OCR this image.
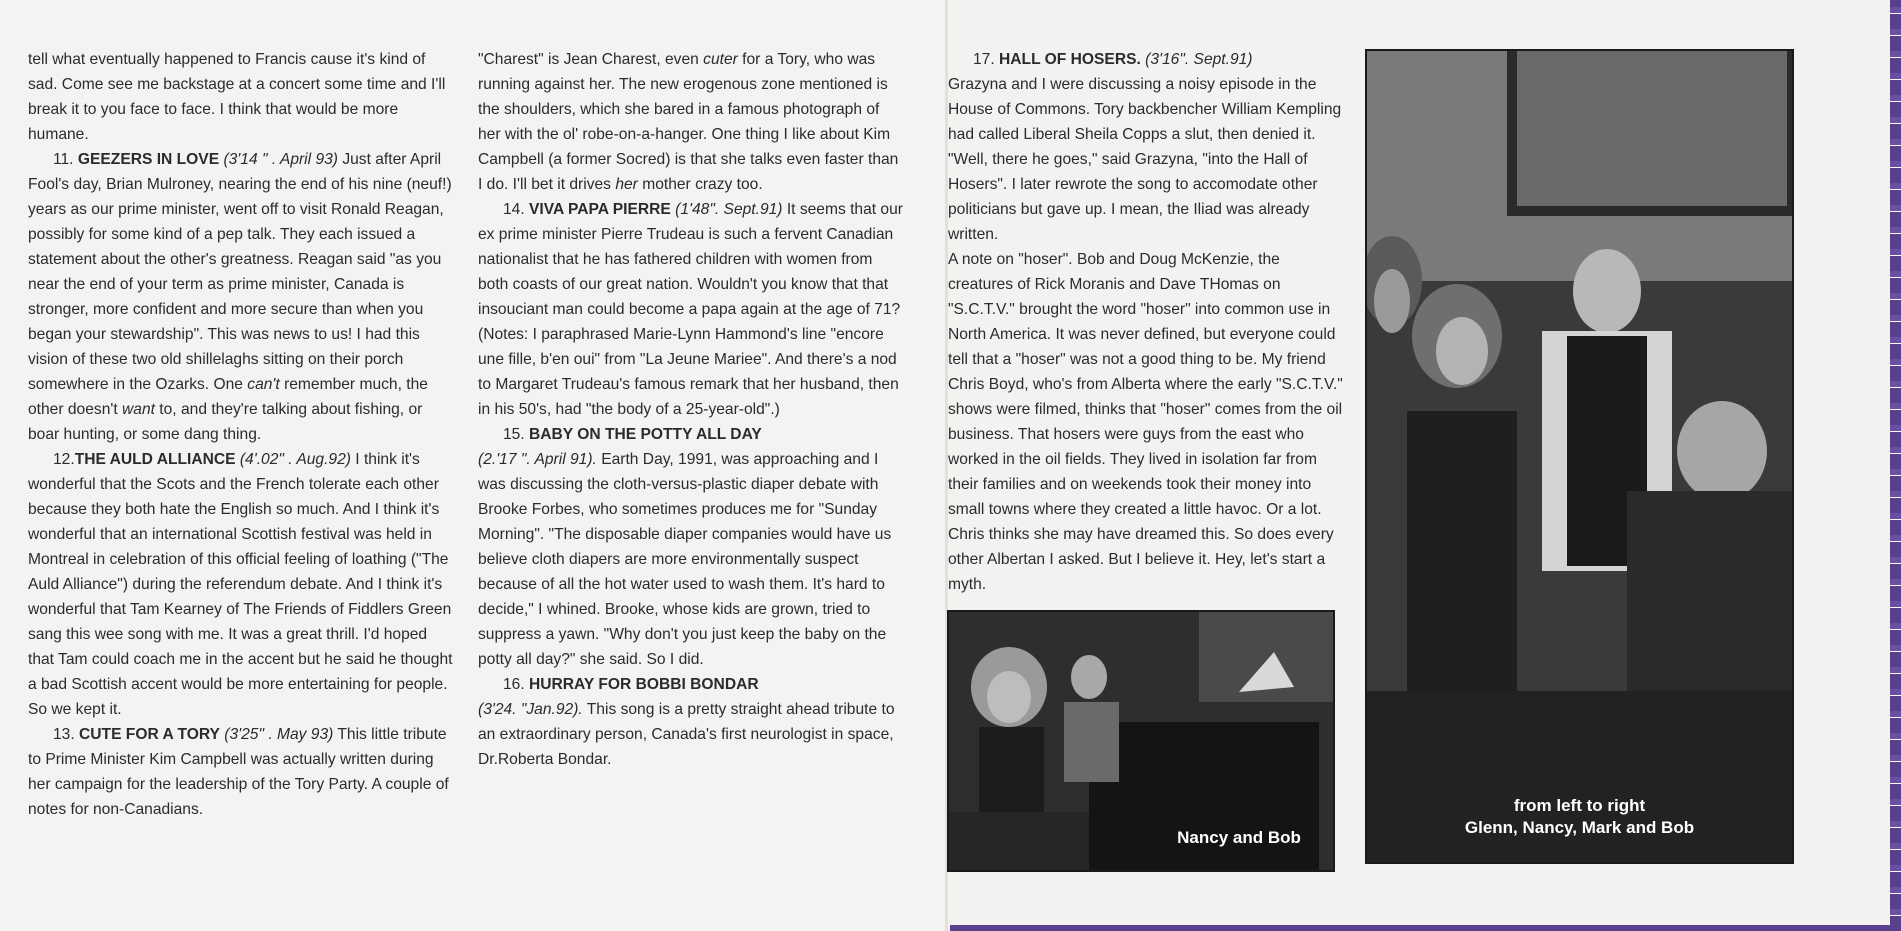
tell what eventually happened to Francis cause it's kind of sad. Come see me backstage at a concert some time and I'll break it to you face to face. I think that would be more humane.

11. GEEZERS IN LOVE (3'14 " . April 93) Just after April Fool's day, Brian Mulroney, nearing the end of his nine (neuf!) years as our prime minister, went off to visit Ronald Reagan, possibly for some kind of a pep talk. They each issued a statement about the other's greatness. Reagan said "as you near the end of your term as prime minister, Canada is stronger, more confident and more secure than when you began your stewardship". This was news to us! I had this vision of these two old shillelaghs sitting on their porch somewhere in the Ozarks. One can't remember much, the other doesn't want to, and they're talking about fishing, or boar hunting, or some dang thing.

12.THE AULD ALLIANCE (4'.02" . Aug.92) I think it's wonderful that the Scots and the French tolerate each other because they both hate the English so much. And I think it's wonderful that an international Scottish festival was held in Montreal in celebration of this official feeling of loathing ("The Auld Alliance") during the referendum debate. And I think it's wonderful that Tam Kearney of The Friends of Fiddlers Green sang this wee song with me. It was a great thrill. I'd hoped that Tam could coach me in the accent but he said he thought a bad Scottish accent would be more entertaining for people. So we kept it.

13. CUTE FOR A TORY (3'25" . May 93) This little tribute to Prime Minister Kim Campbell was actually written during her campaign for the leadership of the Tory Party. A couple of notes for non-Canadians.

"Charest" is Jean Charest, even cuter for a Tory, who was running against her. The new erogenous zone mentioned is the shoulders, which she bared in a famous photograph of her with the ol' robe-on-a-hanger. One thing I like about Kim Campbell (a former Socred) is that she talks even faster than I do. I'll bet it drives her mother crazy too.

14. VIVA PAPA PIERRE (1'48". Sept.91) It seems that our ex prime minister Pierre Trudeau is such a fervent Canadian nationalist that he has fathered children with women from both coasts of our great nation. Wouldn't you know that that insouciant man could become a papa again at the age of 71? (Notes: I paraphrased Marie-Lynn Hammond's line "encore une fille, b'en oui" from "La Jeune Mariee". And there's a nod to Margaret Trudeau's famous remark that her husband, then in his 50's, had "the body of a 25-year-old".)

15. BABY ON THE POTTY ALL DAY

(2.'17 ". April 91). Earth Day, 1991, was approaching and I was discussing the cloth-versus-plastic diaper debate with Brooke Forbes, who sometimes produces me for "Sunday Morning". "The disposable diaper companies would have us believe cloth diapers are more environmentally suspect because of all the hot water used to wash them. It's hard to decide," I whined. Brooke, whose kids are grown, tried to suppress a yawn. "Why don't you just keep the baby on the potty all day?" she said. So I did.

16. HURRAY FOR BOBBI BONDAR

(3'24. "Jan.92). This song is a pretty straight ahead tribute to an extraordinary person, Canada's first neurologist in space, Dr.Roberta Bondar.

17. HALL OF HOSERS. (3'16". Sept.91)

Grazyna and I were discussing a noisy episode in the House of Commons. Tory backbencher William Kempling had called Liberal Sheila Copps a slut, then denied it. "Well, there he goes," said Grazyna, "into the Hall of Hosers". I later rewrote the song to accomodate other politicians but gave up. I mean, the Iliad was already written.

A note on "hoser". Bob and Doug McKenzie, the creatures of Rick Moranis and Dave THomas on "S.C.T.V." brought the word "hoser" into common use in North America. It was never defined, but everyone could tell that a "hoser" was not a good thing to be. My friend Chris Boyd, who's from Alberta where the early "S.C.T.V." shows were filmed, thinks that "hoser" comes from the oil business. That hosers were guys from the east who worked in the oil fields. They lived in isolation far from their families and on weekends took their money into small towns where they created a little havoc. Or a lot. Chris thinks she may have dreamed this. So does every other Albertan I asked. But I believe it. Hey, let's start a myth.

Nancy and Bob
from left to right
Glenn, Nancy, Mark and Bob
